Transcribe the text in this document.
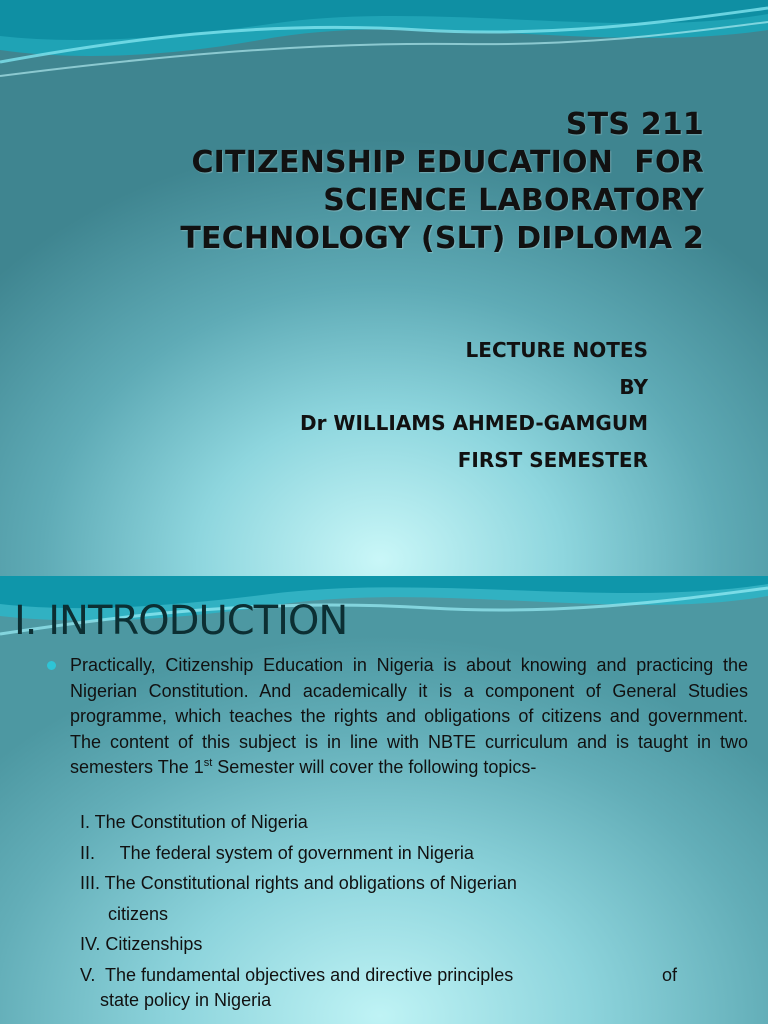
STS 211
CITIZENSHIP EDUCATION  FOR
SCIENCE LABORATORY
TECHNOLOGY (SLT) DIPLOMA 2
LECTURE NOTES
BY
Dr WILLIAMS AHMED-GAMGUM
FIRST SEMESTER
I. INTRODUCTION
Practically, Citizenship Education in Nigeria is about knowing and practicing the Nigerian Constitution. And academically it is a component of General Studies programme, which teaches the rights and obligations of citizens and government. The content of this subject is in line with NBTE curriculum and is taught in two semesters The 1st Semester will cover the following topics-
I. The Constitution of Nigeria
II.     The federal system of government in Nigeria
III. The Constitutional rights and obligations of Nigerian
citizens
IV. Citizenships
V.  The fundamental objectives and directive principles	of
state policy in Nigeria
